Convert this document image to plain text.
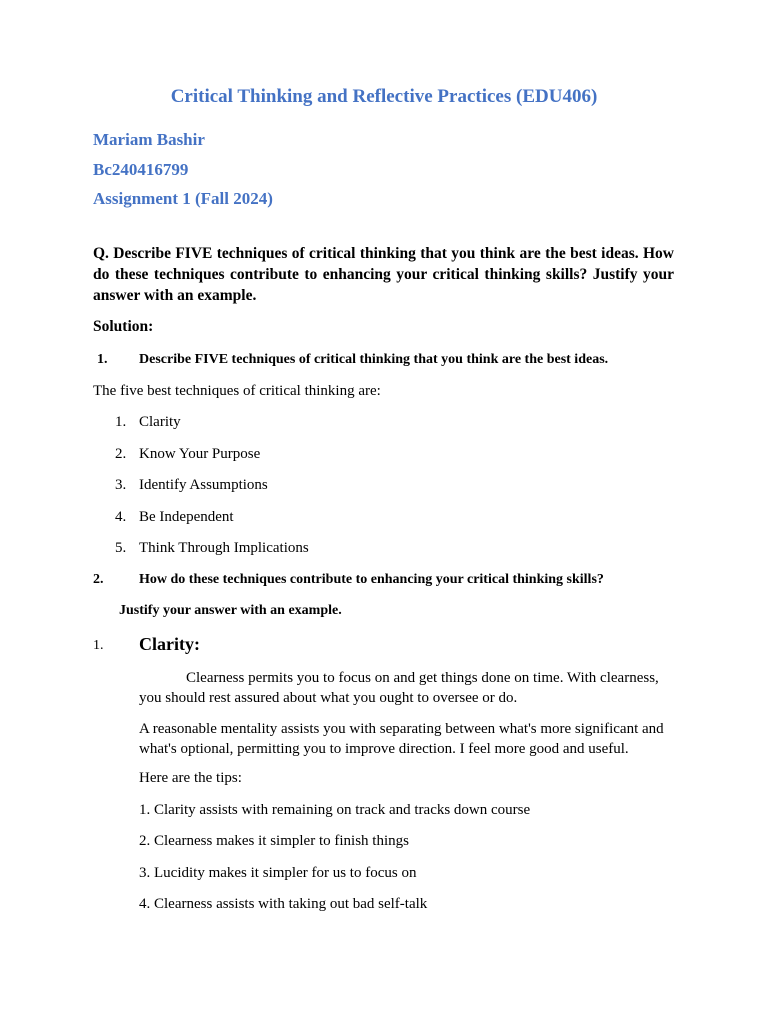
Critical Thinking and Reflective Practices (EDU406)
Mariam Bashir
Bc240416799
Assignment 1 (Fall 2024)
Q. Describe FIVE techniques of critical thinking that you think are the best ideas. How do these techniques contribute to enhancing your critical thinking skills? Justify your answer with an example.
Solution:
1. Describe FIVE techniques of critical thinking that you think are the best ideas.
The five best techniques of critical thinking are:
1. Clarity
2. Know Your Purpose
3. Identify Assumptions
4. Be Independent
5. Think Through Implications
2.	How do these techniques contribute to enhancing your critical thinking skills?
Justify your answer with an example.
1. Clarity:
Clearness permits you to focus on and get things done on time. With clearness, you should rest assured about what you ought to oversee or do.
A reasonable mentality assists you with separating between what's more significant and what's optional, permitting you to improve direction. I feel more good and useful.
Here are the tips:
1. Clarity assists with remaining on track and tracks down course
2. Clearness makes it simpler to finish things
3. Lucidity makes it simpler for us to focus on
4. Clearness assists with taking out bad self-talk
